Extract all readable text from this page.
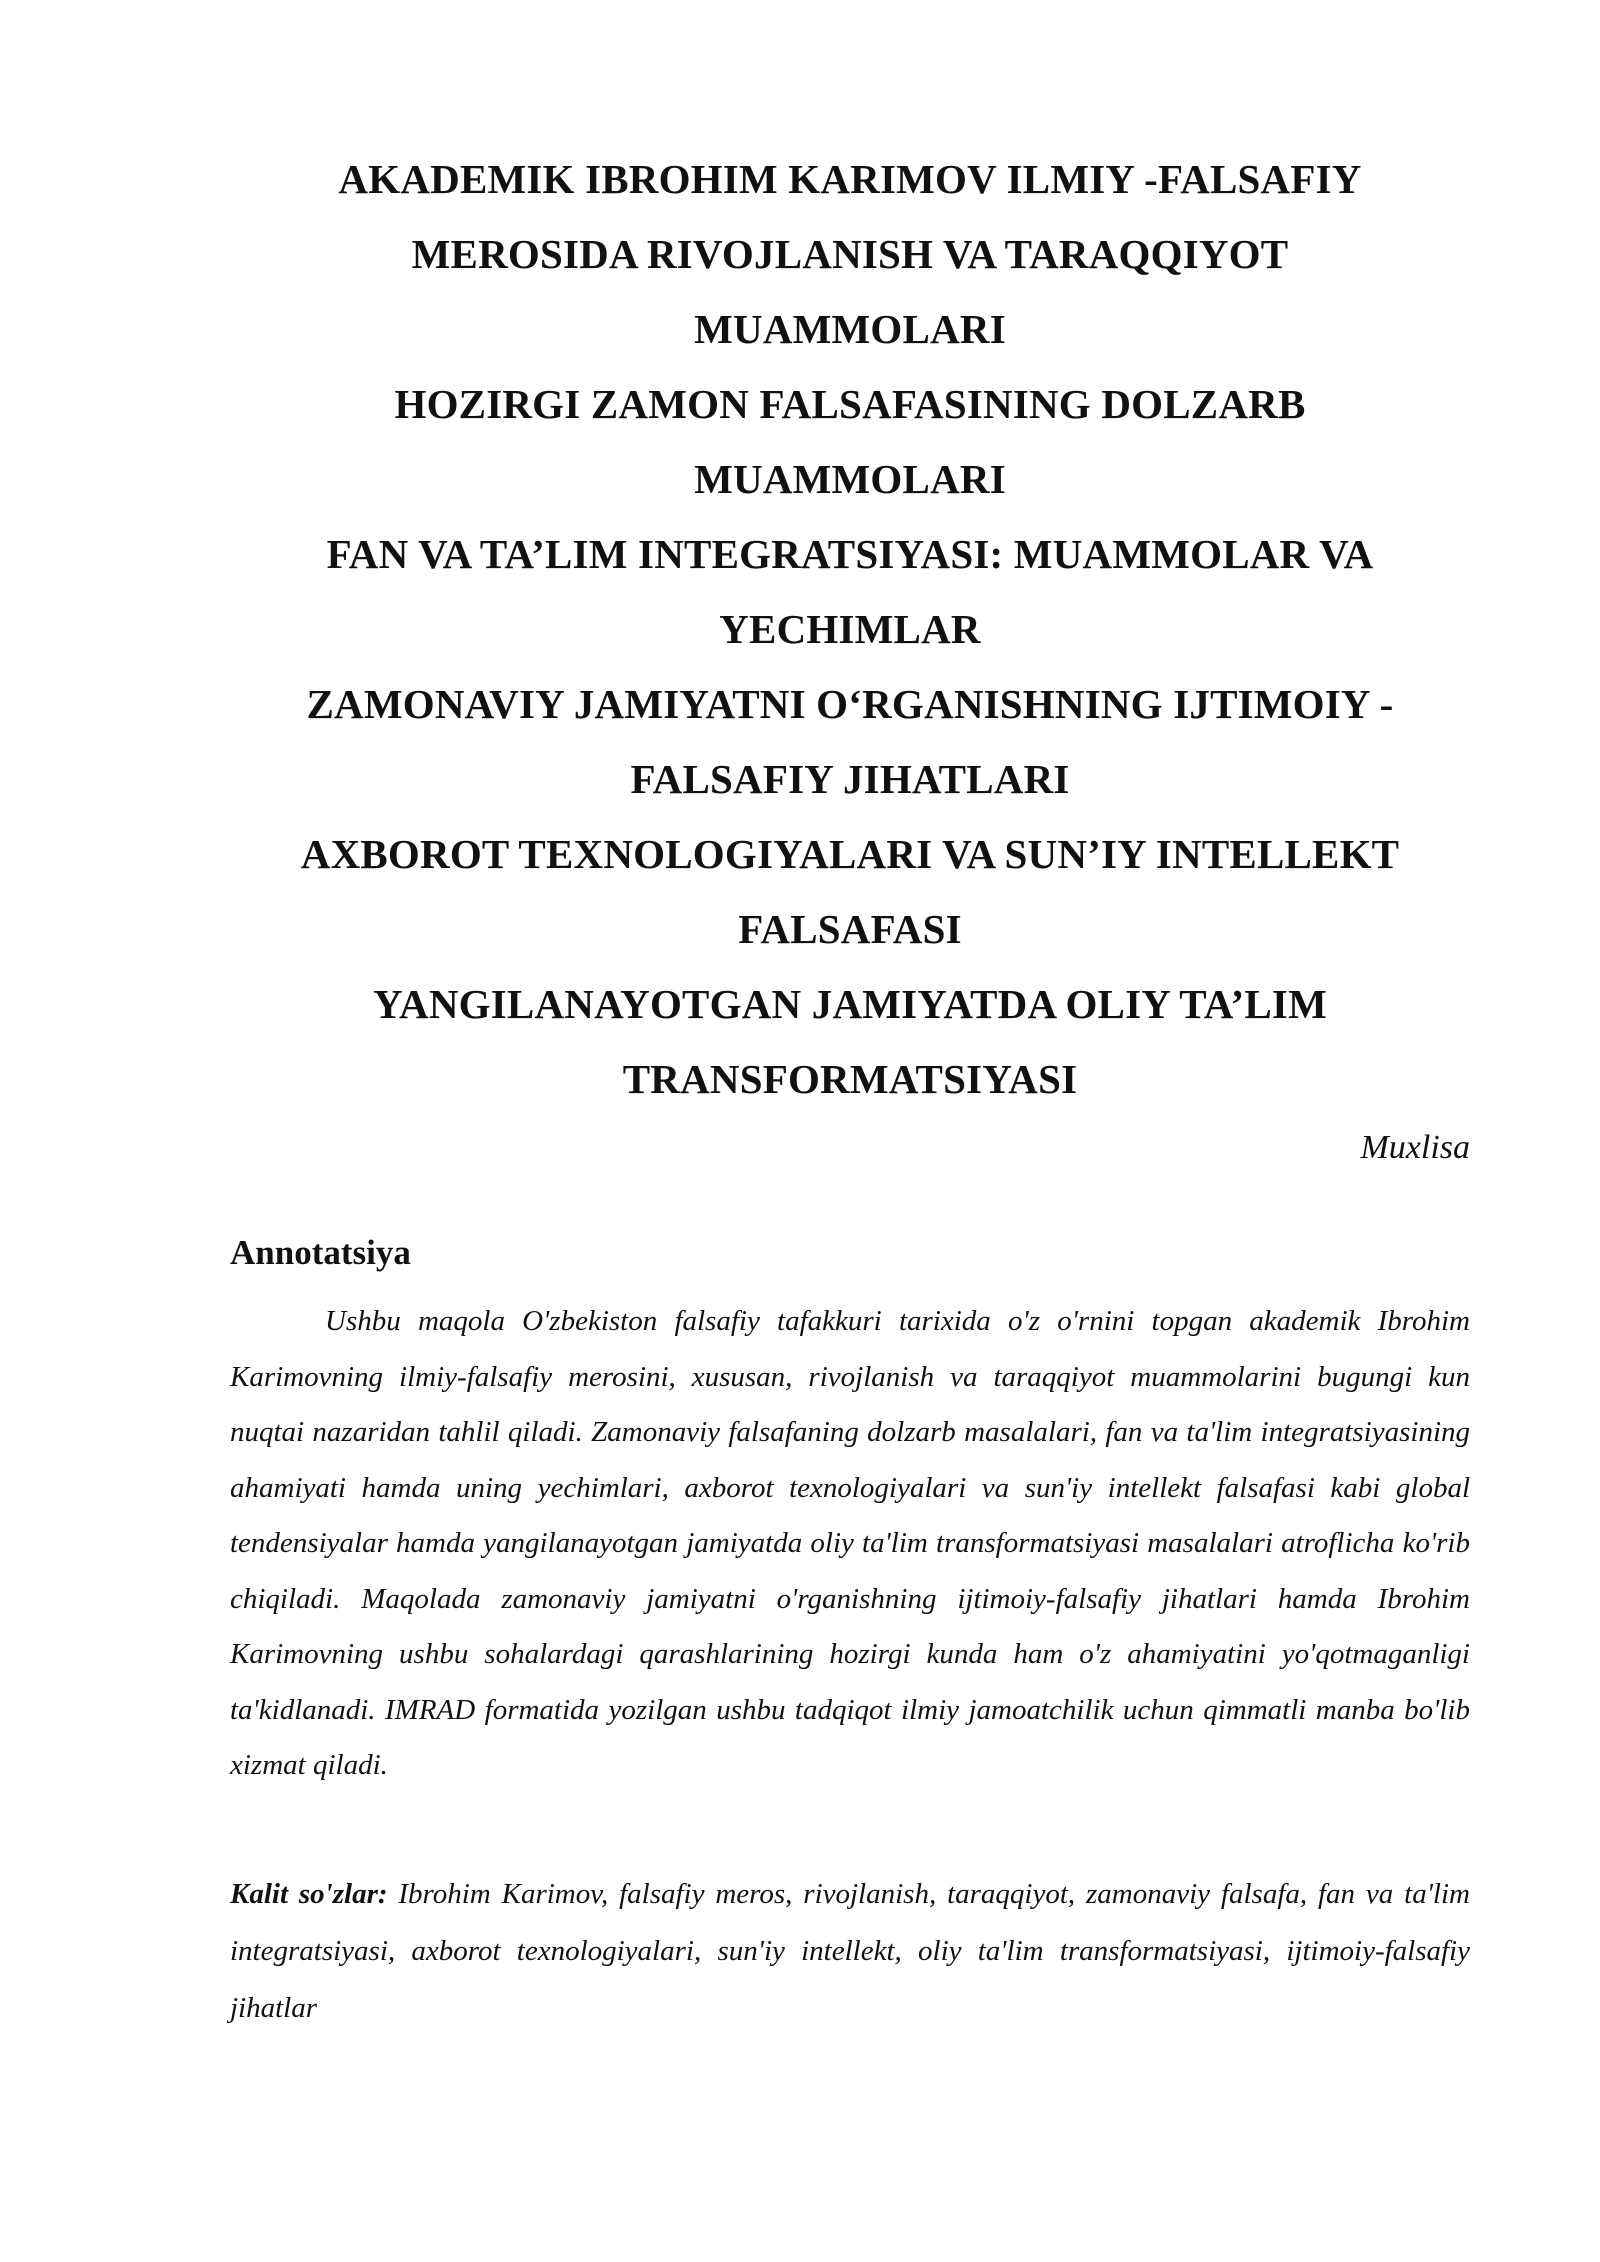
AKADEMIK IBROHIM KARIMOV ILMIY -FALSAFIY
MEROSIDA RIVOJLANISH VA TARAQQIYOT
MUAMMOLARI
HOZIRGI ZAMON FALSAFASINING DOLZARB
MUAMMOLARI
FAN VA TA’LIM INTEGRATSIYASI: MUAMMOLAR VA
YECHIMLAR
ZAMONAVIY JAMIYATNI O‘RGANISHNING IJTIMOIY -
FALSAFIY JIHATLARI
AXBOROT TEXNOLOGIYALARI VA SUN’IY INTELLEKT
FALSAFASI
YANGILANAYOTGAN JAMIYATDA OLIY TA’LIM
TRANSFORMATSIYASI
Muxlisa
Annotatsiya

Ushbu maqola O'zbekiston falsafiy tafakkuri tarixida o'z o'rnini topgan akademik Ibrohim Karimovning ilmiy-falsafiy merosini, xususan, rivojlanish va taraqqiyot muammolarini bugungi kun nuqtai nazaridan tahlil qiladi. Zamonaviy falsafaning dolzarb masalalari, fan va ta'lim integratsiyasining ahamiyati hamda uning yechimlari, axborot texnologiyalari va sun'iy intellekt falsafasi kabi global tendensiyalar hamda yangilanayotgan jamiyatda oliy ta'lim transformatsiyasi masalalari atroflicha ko'rib chiqiladi. Maqolada zamonaviy jamiyatni o'rganishning ijtimoiy-falsafiy jihatlari hamda Ibrohim Karimovning ushbu sohalardagi qarashlarining hozirgi kunda ham o'z ahamiyatini yo'qotmaganligi ta'kidlanadi. IMRAD formatida yozilgan ushbu tadqiqot ilmiy jamoatchilik uchun qimmatli manba bo'lib xizmat qiladi.

Kalit so'zlar: Ibrohim Karimov, falsafiy meros, rivojlanish, taraqqiyot, zamonaviy falsafa, fan va ta'lim integratsiyasi, axborot texnologiyalari, sun'iy intellekt, oliy ta'lim transformatsiyasi, ijtimoiy-falsafiy jihatlar
